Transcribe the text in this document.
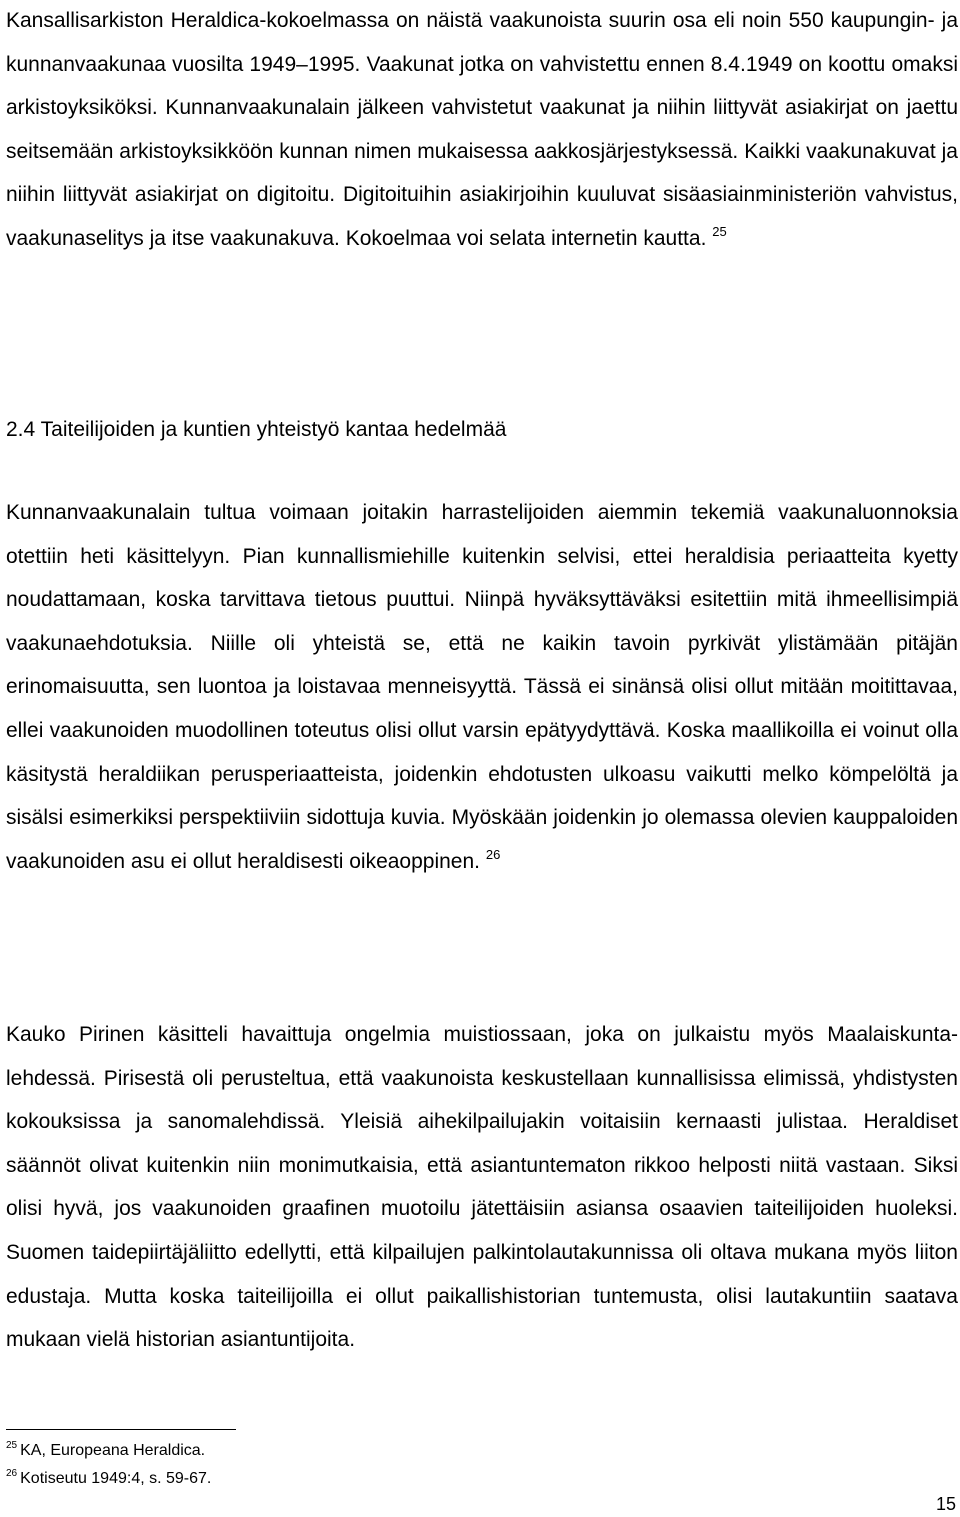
Kansallisarkiston Heraldica-kokoelmassa on näistä vaakunoista suurin osa eli noin 550 kaupungin- ja kunnanvaakunaa vuosilta 1949–1995. Vaakunat jotka on vahvistettu ennen 8.4.1949 on koottu omaksi arkistoyksiköksi. Kunnanvaakunalain jälkeen vahvistetut vaakunat ja niihin liittyvät asiakirjat on jaettu seitsemään arkistoyksikköön kunnan nimen mukaisessa aakkosjärjestyksessä. Kaikki vaakunakuvat ja niihin liittyvät asiakirjat on digitoitu. Digitoituihin asiakirjoihin kuuluvat sisäasiainministeriön vahvistus, vaakunaselitys ja itse vaakunakuva. Kokoelmaa voi selata internetin kautta. $^{25}$

2.4 Taiteilijoiden ja kuntien yhteistyö kantaa hedelmää

Kunnanvaakunalain tultua voimaan joitakin harrastelijoiden aiemmin tekemiä vaakunaluonnoksia otettiin heti käsittelyyn. Pian kunnallismiehille kuitenkin selvisi, ettei heraldisia periaatteita kyetty noudattamaan, koska tarvittava tietous puuttui. Niinpä hyväksyttäväksi esitettiin mitä ihmeellisimpiä vaakunaehdotuksia. Niille oli yhteistä se, että ne kaikin tavoin pyrkivät ylistämään pitäjän erinomaisuutta, sen luontoa ja loistavaa menneisyyttä. Tässä ei sinänsä olisi ollut mitään moitittavaa, ellei vaakunoiden muodollinen toteutus olisi ollut varsin epätyydyttävä. Koska maallikoilla ei voinut olla käsitystä heraldiikan perusperiaatteista, joidenkin ehdotusten ulkoasu vaikutti melko kömpelöltä ja sisälsi esimerkiksi perspektiiviin sidottuja kuvia. Myöskään joidenkin jo olemassa olevien kauppaloiden vaakunoiden asu ei ollut heraldisesti oikeaoppinen. $^{26}$

Kauko Pirinen käsitteli havaittuja ongelmia muistiossaan, joka on julkaistu myös Maalaiskunta-lehdessä. Pirisestä oli perusteltua, että vaakunoista keskustellaan kunnallisissa elimissä, yhdistysten kokouksissa ja sanomalehdissä. Yleisiä aihekilpailujakin voitaisiin kernaasti julistaa. Heraldiset säännöt olivat kuitenkin niin monimutkaisia, että asiantuntematon rikkoo helposti niitä vastaan. Siksi olisi hyvä, jos vaakunoiden graafinen muotoilu jätettäisiin asiansa osaavien taiteilijoiden huoleksi. Suomen taidepiirtäjäliitto edellytti, että kilpailujen palkintolautakunnissa oli oltava mukana myös liiton edustaja. Mutta koska taiteilijoilla ei ollut paikallishistorian tuntemusta, olisi lautakuntiin saatava mukaan vielä historian asiantuntijoita.

$^{25}$ KA, Europeana Heraldica.
$^{26}$ Kotiseutu 1949:4, s. 59-67.
15
